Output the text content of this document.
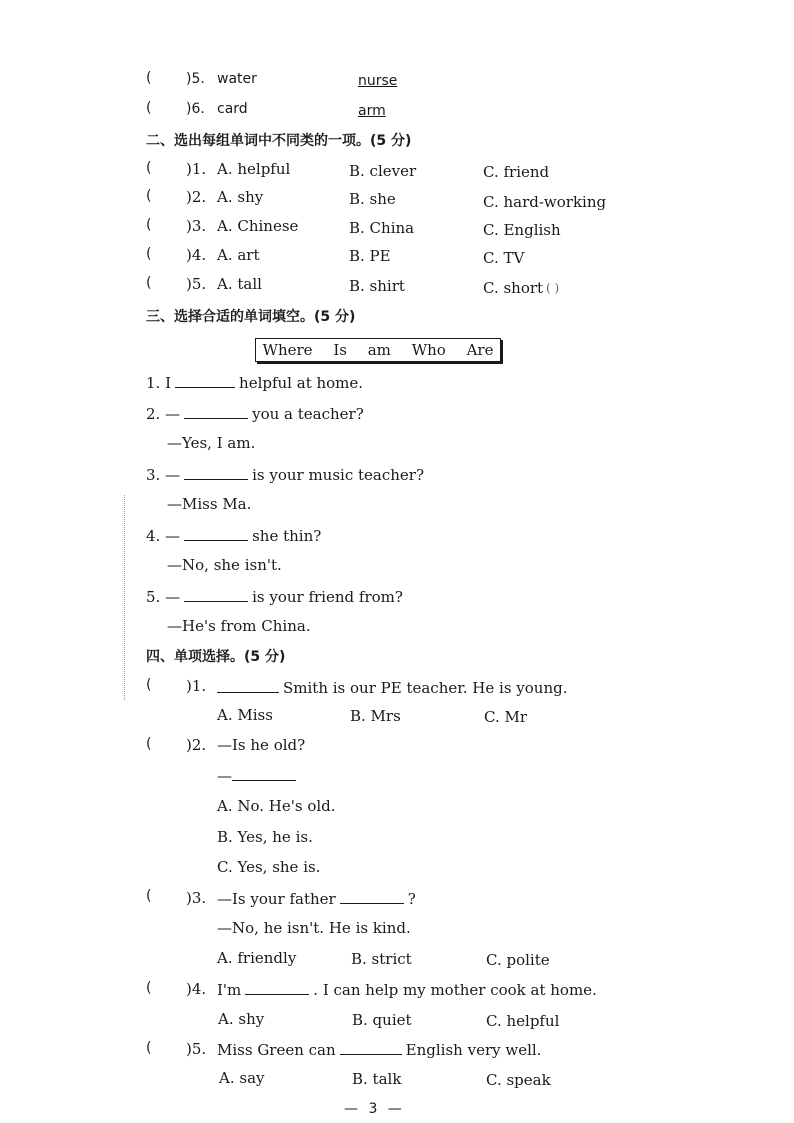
( )5. water	nurse
( )6. card	arm
二、选出每组单词中不同类的一项。(5 分)
( )1. A. helpful	B. clever	C. friend
( )2. A. shy	B. she	C. hard-working
( )3. A. Chinese	B. China	C. English
( )4. A. art	B. PE	C. TV
( )5. A. tall	B. shirt	C. short ( )
三、选择合适的单词填空。(5 分)
Where Is am Who Are
1. I	helpful at home.
2. —	you a teacher?
—Yes, I am.
3. —	is your music teacher?
—Miss Ma.
4. —	she thin?
—No, she isn't.
5. —	is your friend from?
—He's from China.
四、单项选择。(5 分)
( )1.	Smith is our PE teacher. He is young.
A. Miss	B. Mrs	C. Mr
( )2. —Is he old?
—
A. No. He's old.
B. Yes, he is.
C. Yes, she is.
( )3. —Is your father	?
—No, he isn't. He is kind.
A. friendly	B. strict	C. polite
( )4. I'm	. I can help my mother cook at home.
A. shy	B. quiet	C. helpful
( )5. Miss Green can	English very well.
A. say	B. talk	C. speak
— 3 —
